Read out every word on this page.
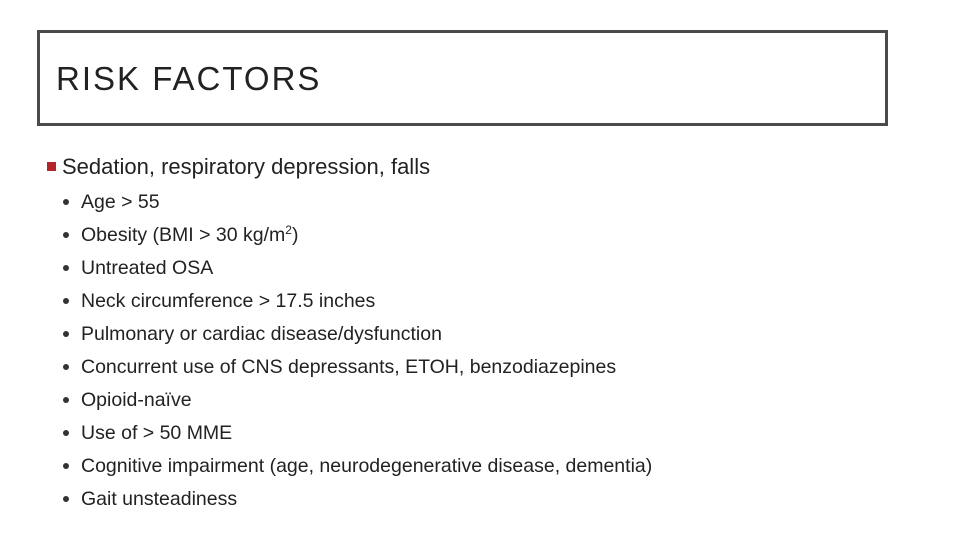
RISK FACTORS
Sedation, respiratory depression, falls
Age > 55
Obesity (BMI > 30 $kg/m^2$)
Untreated OSA
Neck circumference > 17.5 inches
Pulmonary or cardiac disease/dysfunction
Concurrent use of CNS depressants, ETOH, benzodiazepines
Opioid-naïve
Use of > 50 MME
Cognitive impairment (age, neurodegenerative disease, dementia)
Gait unsteadiness
